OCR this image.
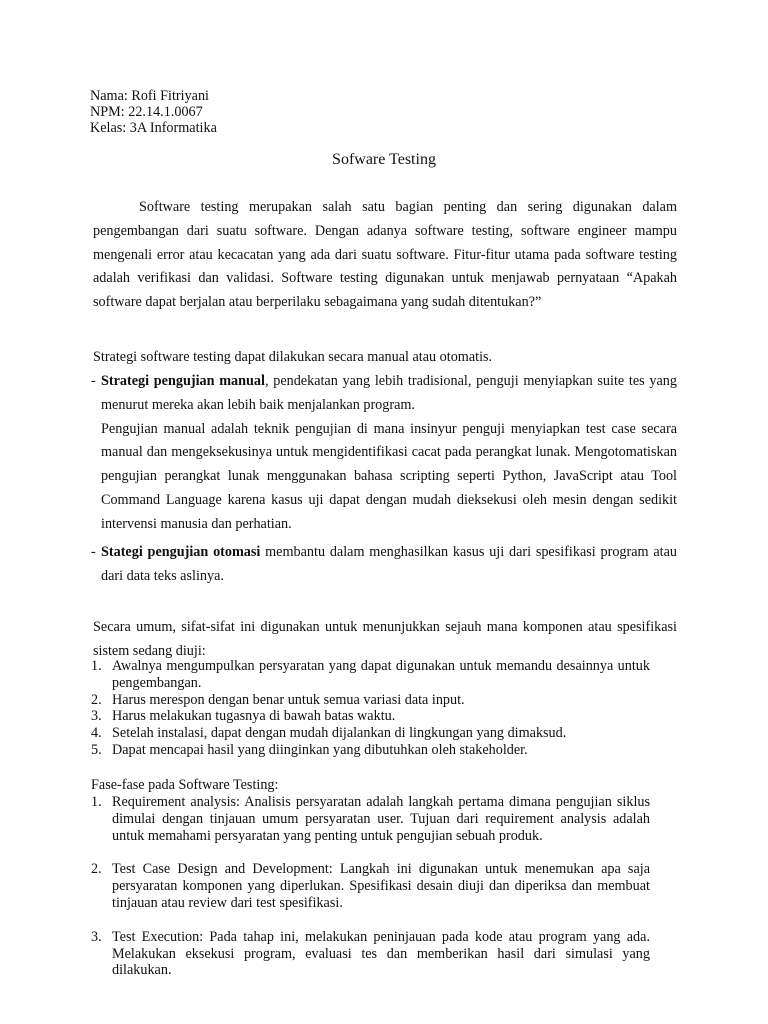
Nama: Rofi Fitriyani
NPM: 22.14.1.0067
Kelas: 3A Informatika
Sofware Testing

Software testing merupakan salah satu bagian penting dan sering digunakan dalam pengembangan dari suatu software. Dengan adanya software testing, software engineer mampu mengenali error atau kecacatan yang ada dari suatu software. Fitur-fitur utama pada software testing adalah verifikasi dan validasi. Software testing digunakan untuk menjawab pernyataan “Apakah software dapat berjalan atau berperilaku sebagaimana yang sudah ditentukan?”

Strategi software testing dapat dilakukan secara manual atau otomatis.

- Strategi pengujian manual, pendekatan yang lebih tradisional, penguji menyiapkan suite tes yang menurut mereka akan lebih baik menjalankan program.
Pengujian manual adalah teknik pengujian di mana insinyur penguji menyiapkan test case secara manual dan mengeksekusinya untuk mengidentifikasi cacat pada perangkat lunak. Mengotomatiskan pengujian perangkat lunak menggunakan bahasa scripting seperti Python, JavaScript atau Tool Command Language karena kasus uji dapat dengan mudah dieksekusi oleh mesin dengan sedikit intervensi manusia dan perhatian.
- Stategi pengujian otomasi membantu dalam menghasilkan kasus uji dari spesifikasi program atau dari data teks aslinya.

Secara umum, sifat-sifat ini digunakan untuk menunjukkan sejauh mana komponen atau spesifikasi sistem sedang diuji:

1. Awalnya mengumpulkan persyaratan yang dapat digunakan untuk memandu desainnya untuk pengembangan.
2. Harus merespon dengan benar untuk semua variasi data input.
3. Harus melakukan tugasnya di bawah batas waktu.
4. Setelah instalasi, dapat dengan mudah dijalankan di lingkungan yang dimaksud.
5. Dapat mencapai hasil yang diinginkan yang dibutuhkan oleh stakeholder.
Fase-fase pada Software Testing:
1. Requirement analysis: Analisis persyaratan adalah langkah pertama dimana pengujian siklus dimulai dengan tinjauan umum persyaratan user. Tujuan dari requirement analysis adalah untuk memahami persyaratan yang penting untuk pengujian sebuah produk.
2. Test Case Design and Development: Langkah ini digunakan untuk menemukan apa saja persyaratan komponen yang diperlukan. Spesifikasi desain diuji dan diperiksa dan membuat tinjauan atau review dari test spesifikasi.
3. Test Execution: Pada tahap ini, melakukan peninjauan pada kode atau program yang ada. Melakukan eksekusi program, evaluasi tes dan memberikan hasil dari simulasi yang dilakukan.
